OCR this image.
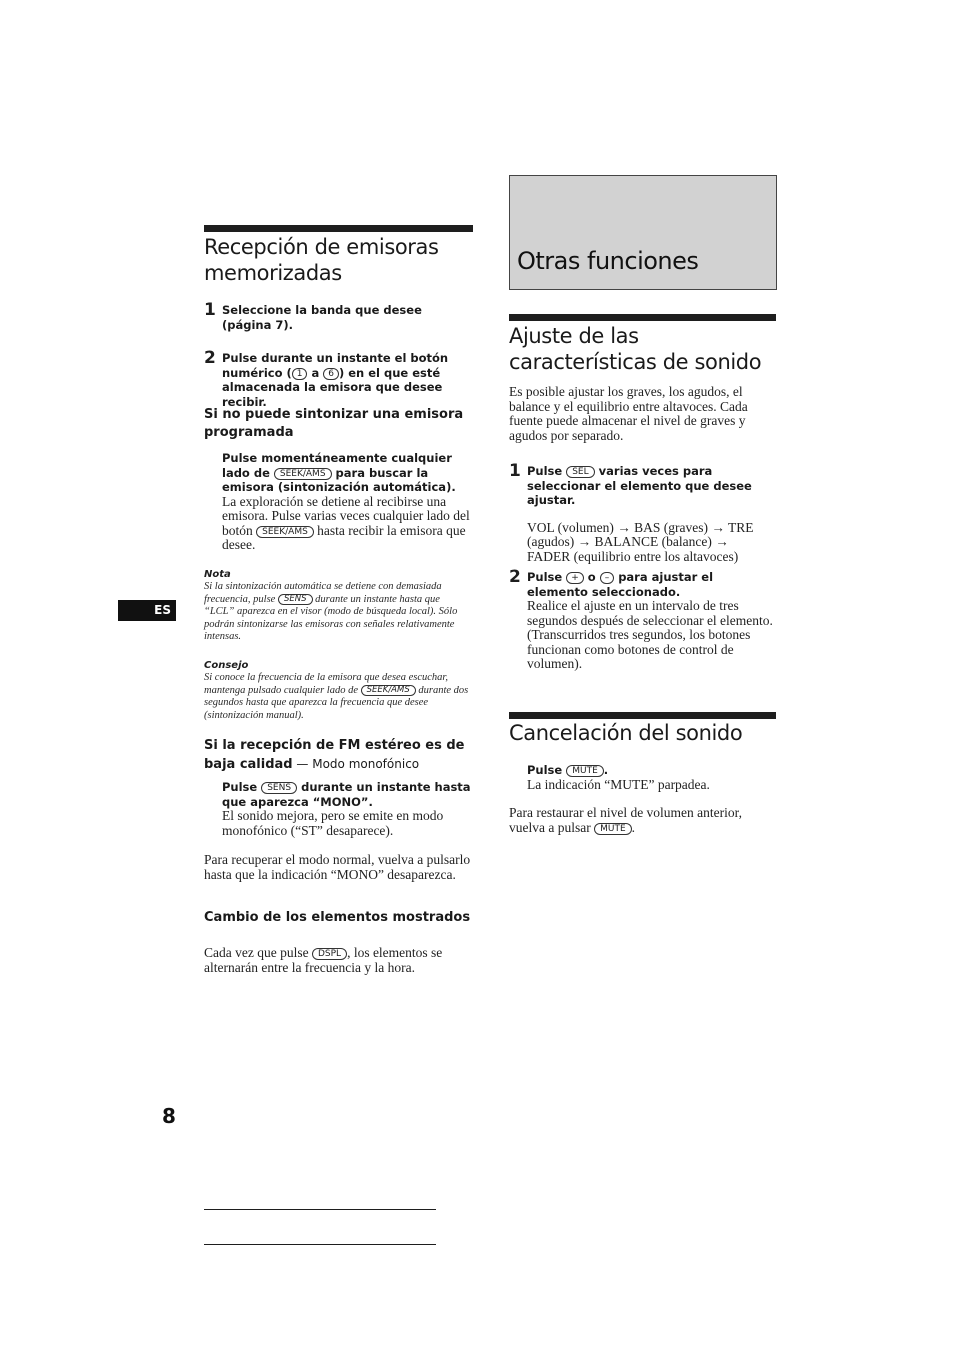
Recepción de emisoras memorizadas
1 Seleccione la banda que desee (página 7).
2 Pulse durante un instante el botón numérico ( 1 a 6 ) en el que esté almacenada la emisora que desee recibir.
Si no puede sintonizar una emisora programada
Pulse momentáneamente cualquier lado de SEEK/AMS para buscar la emisora (sintonización automática).
La exploración se detiene al recibirse una emisora. Pulse varias veces cualquier lado del botón SEEK/AMS hasta recibir la emisora que desee.
Nota
Si la sintonización automática se detiene con demasiada frecuencia, pulse SENS durante un instante hasta que “LCL” aparezca en el visor (modo de búsqueda local). Sólo podrán sintonizarse las emisoras con señales relativamente intensas.
Consejo
Si conoce la frecuencia de la emisora que desea escuchar, mantenga pulsado cualquier lado de SEEK/AMS durante dos segundos hasta que aparezca la frecuencia que desee (sintonización manual).
Si la recepción de FM estéreo es de baja calidad — Modo monofónico
Pulse SENS durante un instante hasta que aparezca “MONO”.
El sonido mejora, pero se emite en modo monofónico (“ST” desaparece).
Para recuperar el modo normal, vuelva a pulsarlo hasta que la indicación “MONO” desaparezca.
Cambio de los elementos mostrados
Cada vez que pulse DSPL , los elementos se alternarán entre la frecuencia y la hora.
ES
8
Otras funciones
Ajuste de las características de sonido
Es posible ajustar los graves, los agudos, el balance y el equilibrio entre altavoces. Cada fuente puede almacenar el nivel de graves y agudos por separado.
1 Pulse SEL varias veces para seleccionar el elemento que desee ajustar.
VOL (volumen) → BAS (graves) → TRE (agudos) → BALANCE (balance) → FADER (equilibrio entre los altavoces)
2 Pulse + o – para ajustar el elemento seleccionado.
Realice el ajuste en un intervalo de tres segundos después de seleccionar el elemento. (Transcurridos tres segundos, los botones funcionan como botones de control de volumen).
Cancelación del sonido
Pulse MUTE .
La indicación “MUTE” parpadea.
Para restaurar el nivel de volumen anterior, vuelva a pulsar MUTE .
